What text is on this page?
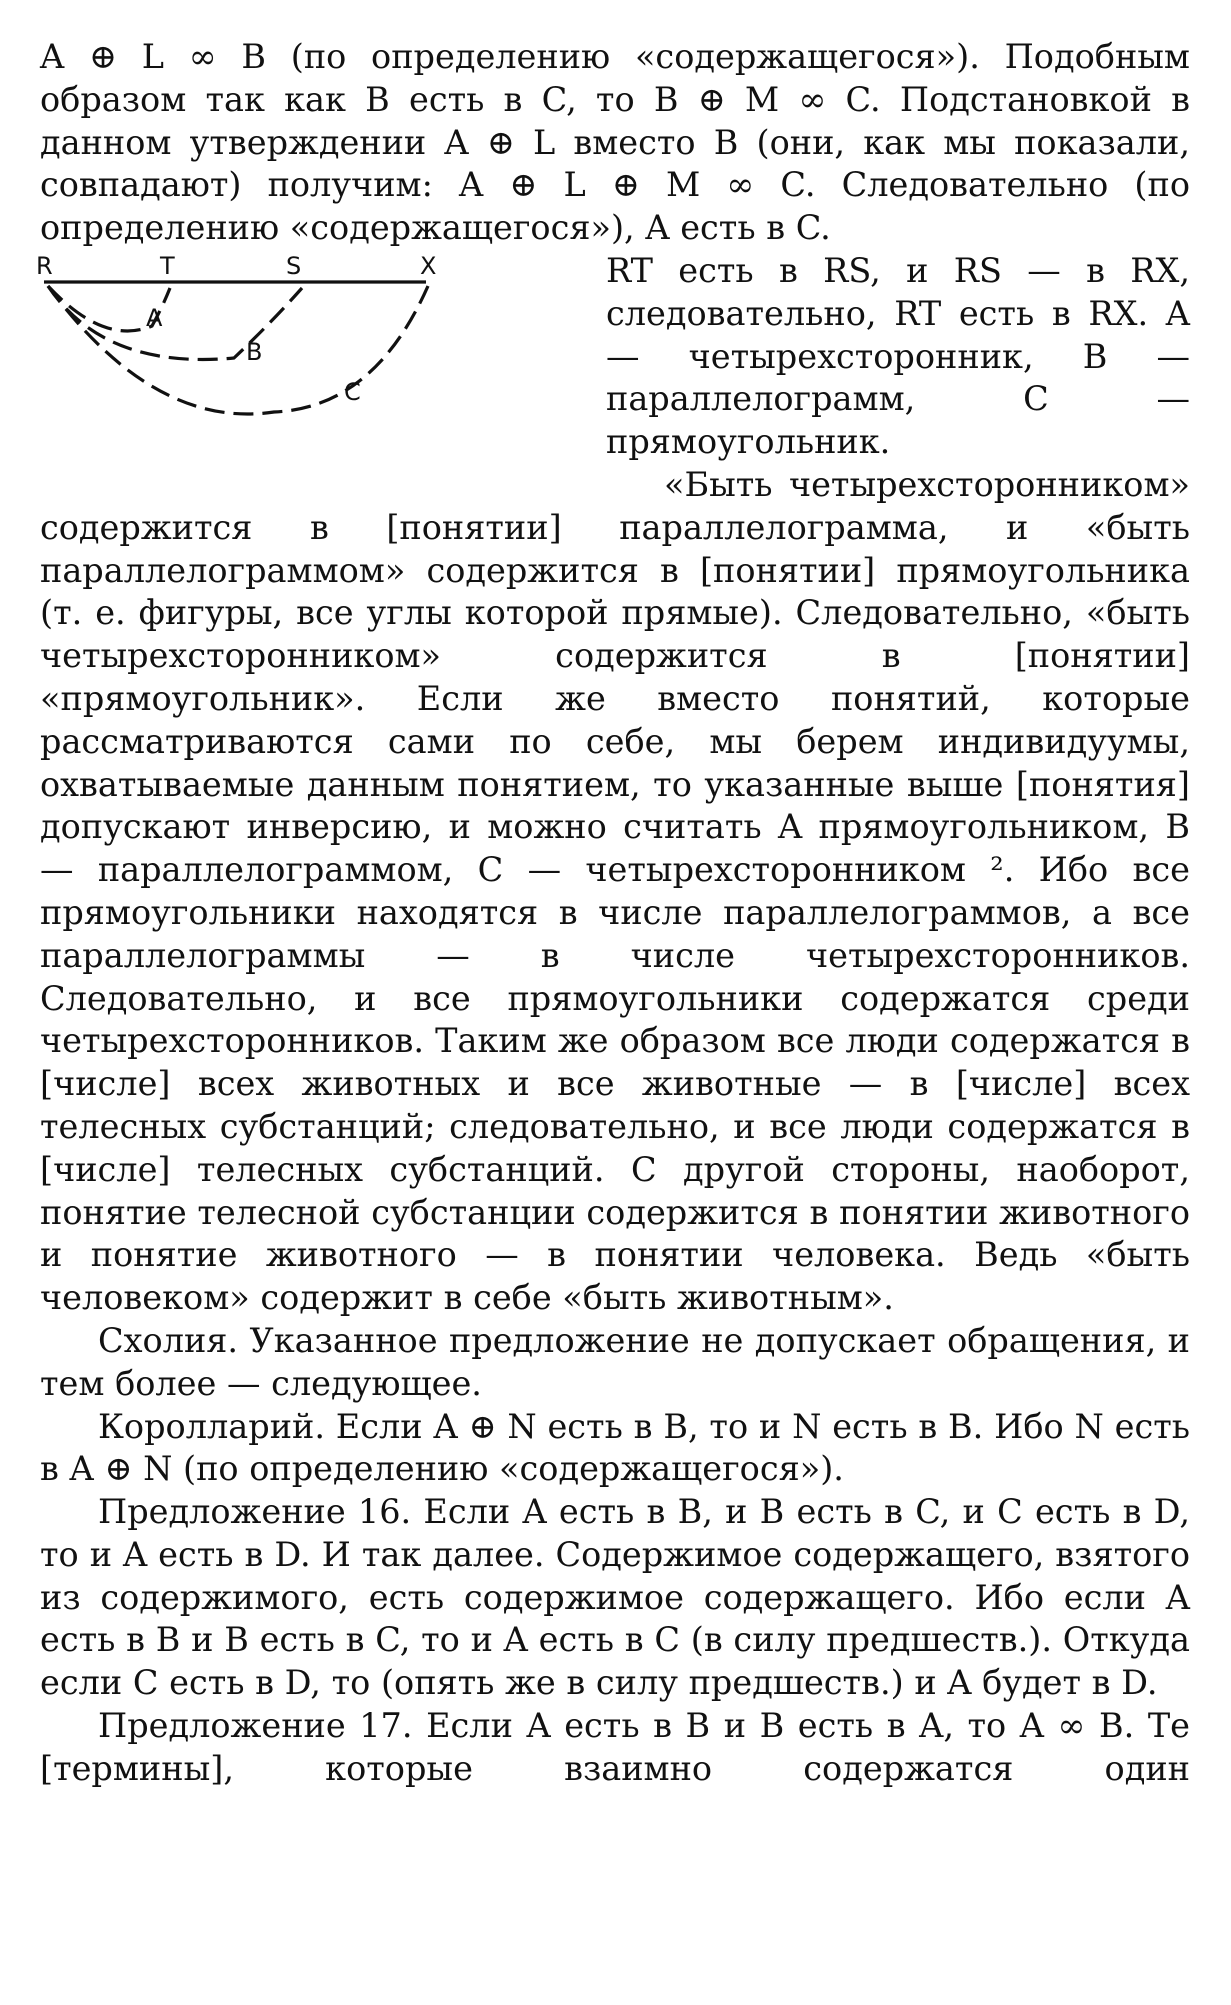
A ⊕ L ∞ B (по определению «содержащегося»). Подобным образом так как B есть в C, то B ⊕ M ∞ C. Подстановкой в данном утверждении A ⊕ L вместо B (они, как мы показали, совпадают) получим: A ⊕ L ⊕ M ∞ C. Следовательно (по определению «содержащегося»), A есть в C.

R	T	S	X
A
B
C

RT есть в RS, и RS — в RX, следовательно, RT есть в RX. A — четырехсторонник, B — параллелограмм, C — прямоугольник.

«Быть четырехсторонником» содержится в [понятии] параллелограмма, и «быть параллелограммом» содержится в [понятии] прямоугольника (т. е. фигуры, все углы которой прямые). Следовательно, «быть четырехсторонником» содержится в [понятии] «прямоугольник». Если же вместо понятий, которые рассматриваются сами по себе, мы берем индивидуумы, охватываемые данным понятием, то указанные выше [понятия] допускают инверсию, и можно считать A прямоугольником, B — параллелограммом, C — четырехсторонником ². Ибо все прямоугольники находятся в числе параллелограммов, а все параллелограммы — в числе четырехсторонников. Следовательно, и все прямоугольники содержатся среди четырехсторонников. Таким же образом все люди содержатся в [числе] всех животных и все животные — в [числе] всех телесных субстанций; следовательно, и все люди содержатся в [числе] телесных субстанций. С другой стороны, наоборот, понятие телесной субстанции содержится в понятии животного и понятие животного — в понятии человека. Ведь «быть человеком» содержит в себе «быть животным».

Схолия. Указанное предложение не допускает обращения, и тем более — следующее.

Королларий. Если A ⊕ N есть в B, то и N есть в B. Ибо N есть в A ⊕ N (по определению «содержащегося»).

Предложение 16. Если A есть в B, и B есть в C, и C есть в D, то и A есть в D. И так далее. Содержимое содержащего, взятого из содержимого, есть содержимое содержащего. Ибо если A есть в B и B есть в C, то и A есть в C (в силу предшеств.). Откуда если C есть в D, то (опять же в силу предшеств.) и A будет в D.

Предложение 17. Если A есть в B и B есть в A, то A ∞ B. Те [термины], которые взаимно содержатся один
